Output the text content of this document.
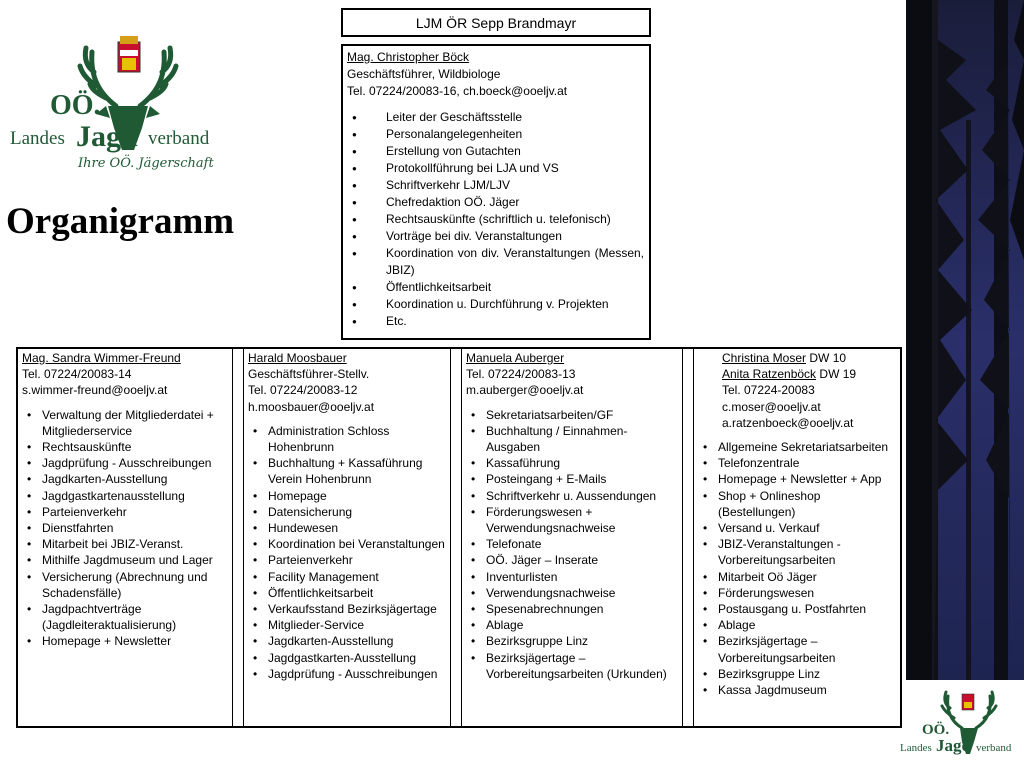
OÖ.
Landes Jagd verband
Ihre OÖ. Jägerschaft
Organigramm
LJM ÖR Sepp Brandmayr
Mag. Christopher Böck
Geschäftsführer, Wildbiologe
Tel. 07224/20083-16, ch.boeck@ooeljv.at
● Leiter der Geschäftsstelle
● Personalangelegenheiten
● Erstellung von Gutachten
● Protokollführung bei LJA und VS
● Schriftverkehr LJM/LJV
● Chefredaktion OÖ. Jäger
● Rechtsauskünfte (schriftlich u. telefonisch)
● Vorträge bei div. Veranstaltungen
● Koordination von div. Veranstaltungen (Messen, JBIZ)
● Öffentlichkeitsarbeit
● Koordination u. Durchführung v. Projekten
● Etc.
Mag. Sandra Wimmer-Freund
Tel. 07224/20083-14
s.wimmer-freund@ooeljv.at
• Verwaltung der Mitgliederdatei + Mitgliederservice
• Rechtsauskünfte
• Jagdprüfung - Ausschreibungen
• Jagdkarten-Ausstellung
• Jagdgastkartenausstellung
• Parteienverkehr
• Dienstfahrten
• Mitarbeit bei JBIZ-Veranst.
• Mithilfe Jagdmuseum und Lager
• Versicherung (Abrechnung und Schadensfälle)
• Jagdpachtverträge (Jagdleiteraktualisierung)
• Homepage + Newsletter
Harald Moosbauer
Geschäftsführer-Stellv.
Tel. 07224/20083-12
h.moosbauer@ooeljv.at
• Administration Schloss Hohenbrunn
• Buchhaltung + Kassaführung Verein Hohenbrunn
• Homepage
• Datensicherung
• Hundewesen
• Koordination bei Veranstaltungen
• Parteienverkehr
• Facility Management
• Öffentlichkeitsarbeit
• Verkaufsstand Bezirksjägertage
• Mitglieder-Service
• Jagdkarten-Ausstellung
• Jagdgastkarten-Ausstellung
• Jagdprüfung - Ausschreibungen
Manuela Auberger
Tel. 07224/20083-13
m.auberger@ooeljv.at
• Sekretariatsarbeiten/GF
• Buchhaltung / Einnahmen-Ausgaben
• Kassaführung
• Posteingang + E-Mails
• Schriftverkehr u. Aussendungen
• Förderungswesen + Verwendungsnachweise
• Telefonate
• OÖ. Jäger – Inserate
• Inventurlisten
• Verwendungsnachweise
• Spesenabrechnungen
• Ablage
• Bezirksgruppe Linz
• Bezirksjägertage – Vorbereitungsarbeiten (Urkunden)
Christina Moser DW 10
Anita Ratzenböck DW 19
Tel. 07224-20083
c.moser@ooeljv.at
a.ratzenboeck@ooeljv.at
• Allgemeine Sekretariatsarbeiten
• Telefonzentrale
• Homepage + Newsletter + App
• Shop + Onlineshop (Bestellungen)
• Versand u. Verkauf
• JBIZ-Veranstaltungen - Vorbereitungsarbeiten
• Mitarbeit Oö Jäger
• Förderungswesen
• Postausgang u. Postfahrten
• Ablage
• Bezirksjägertage – Vorbereitungsarbeiten
• Bezirksgruppe Linz
• Kassa Jagdmuseum
OÖ.
Landes Jagd verband
